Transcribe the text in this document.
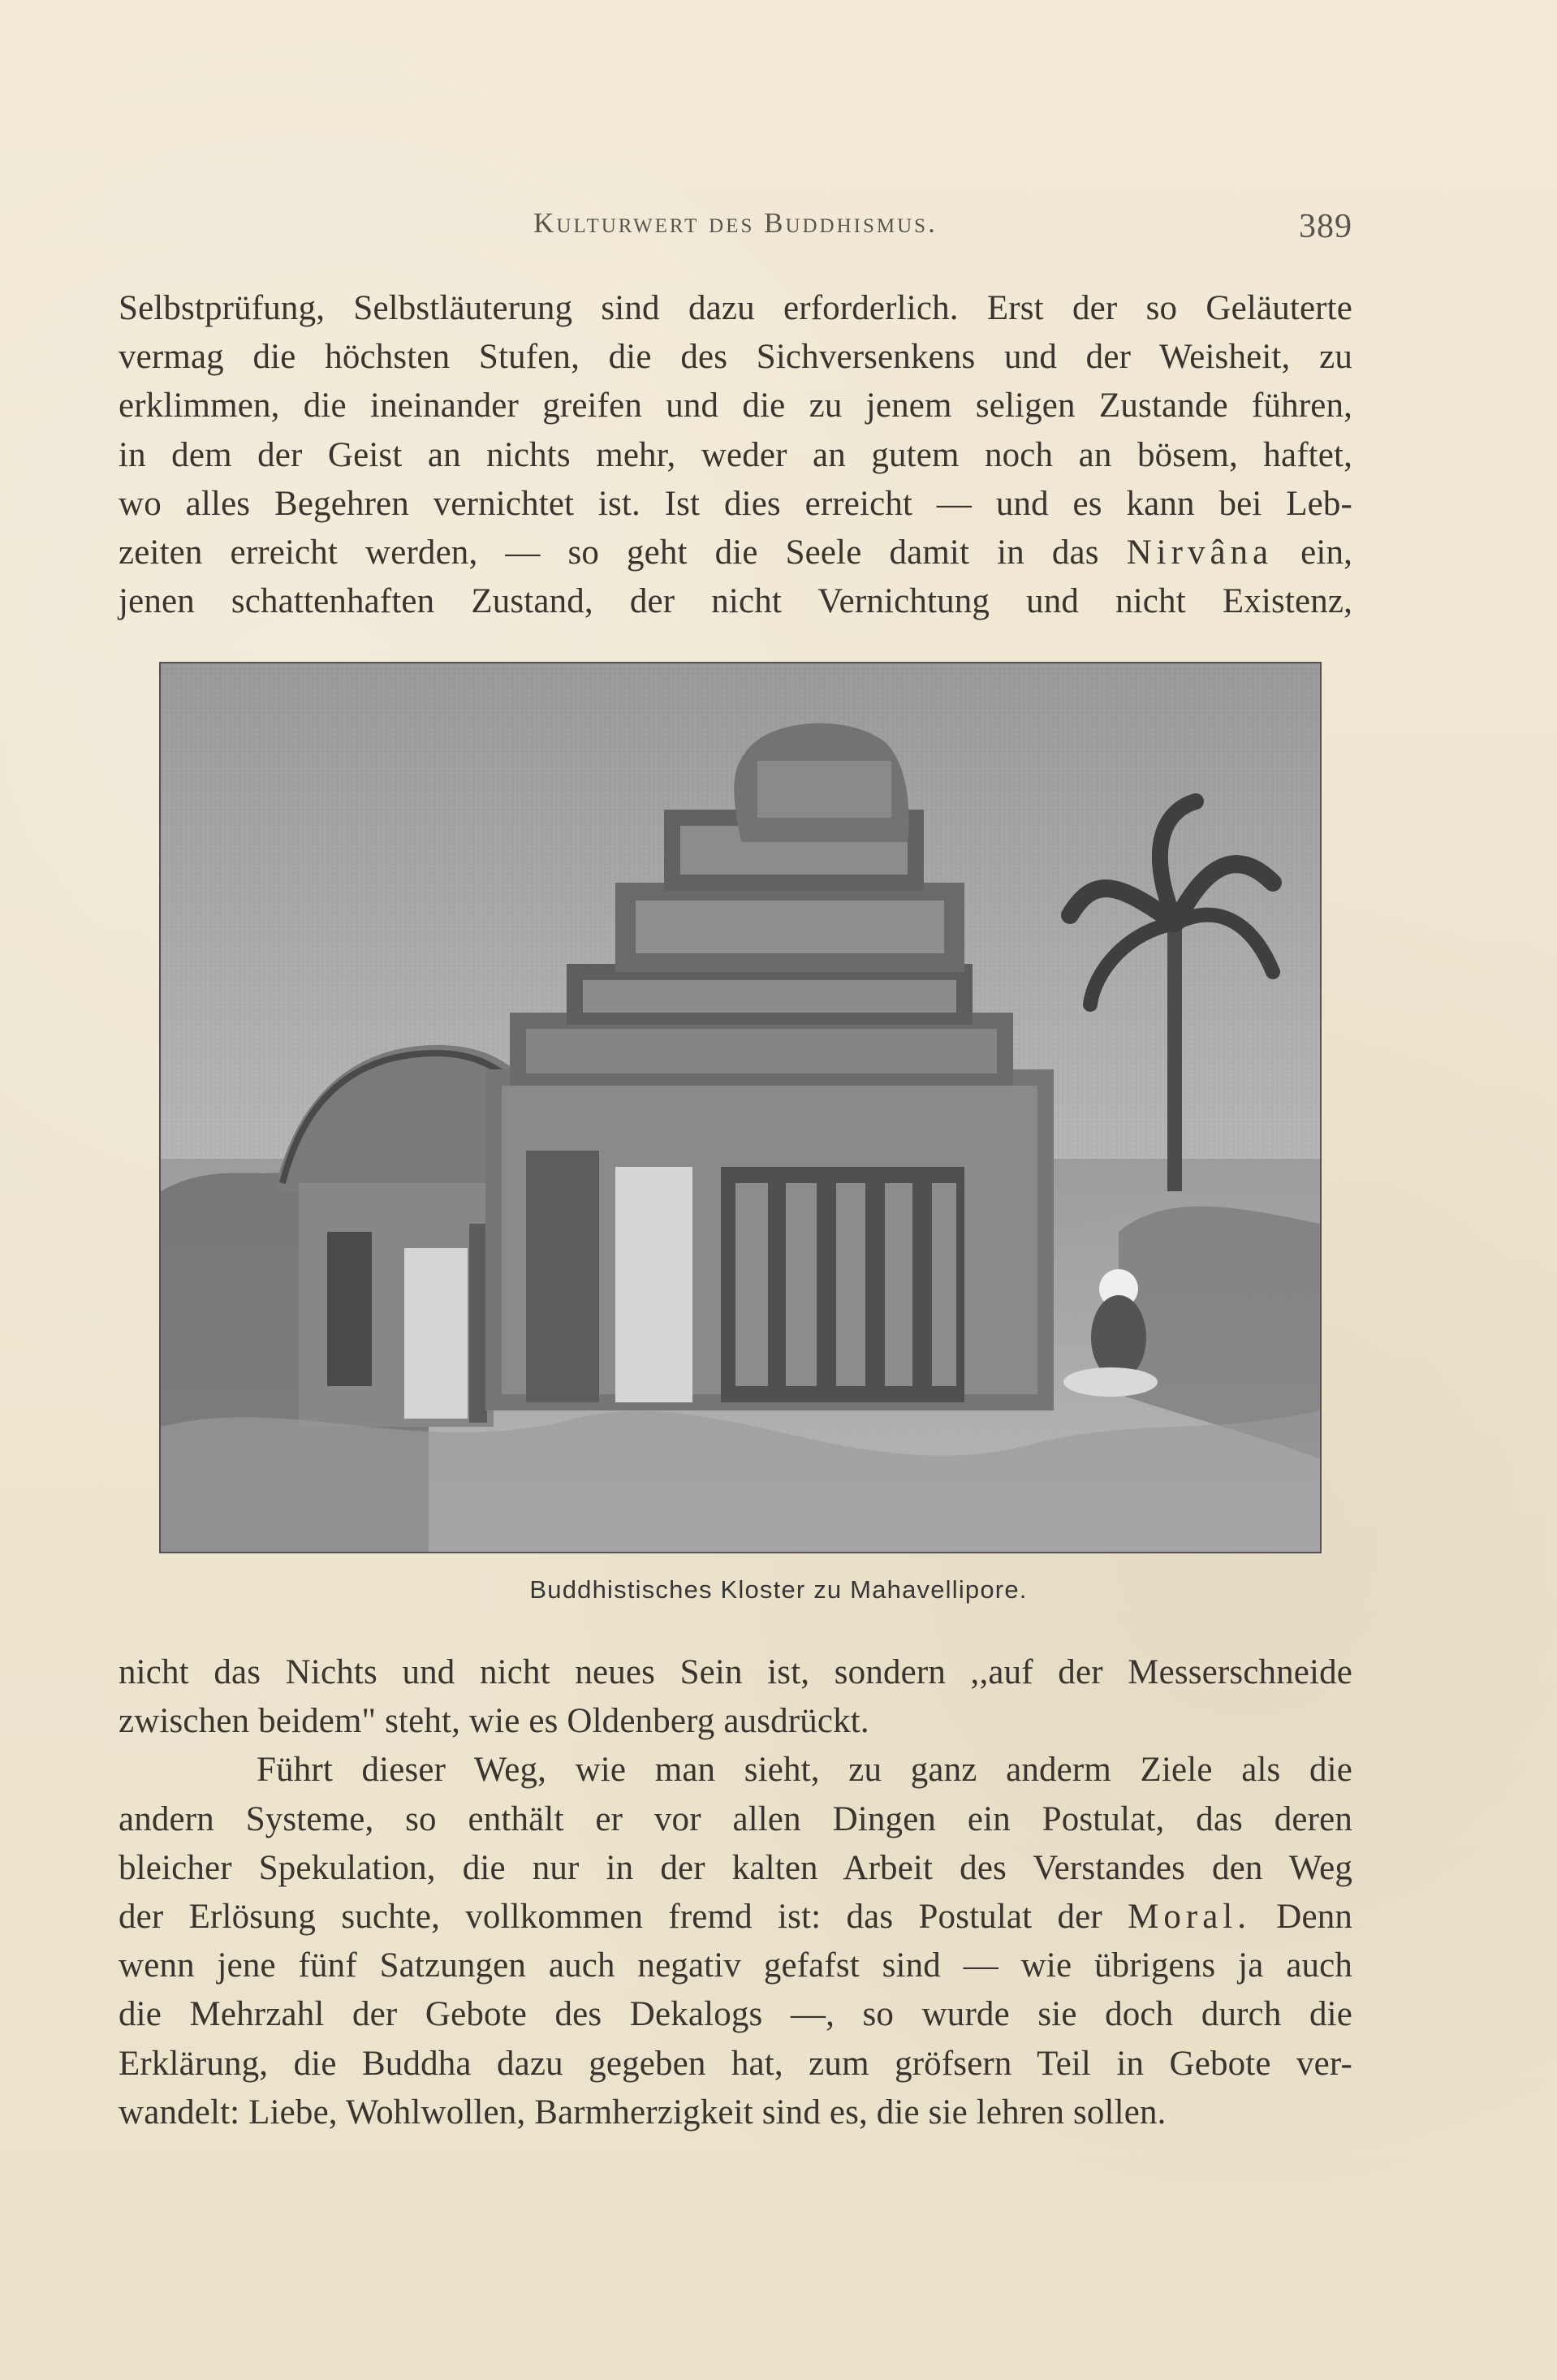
Kulturwert des Buddhismus.	389
Selbstprüfung, Selbstläuterung sind dazu erforderlich. Erst der so Geläuterte
vermag die höchsten Stufen, die des Sichversenkens und der Weisheit, zu
erklimmen, die ineinander greifen und die zu jenem seligen Zustande führen,
in dem der Geist an nichts mehr, weder an gutem noch an bösem, haftet,
wo alles Begehren vernichtet ist. Ist dies erreicht — und es kann bei Leb-
zeiten erreicht werden, — so geht die Seele damit in das Nirvâna ein,
jenen schattenhaften Zustand, der nicht Vernichtung und nicht Existenz,
Buddhistisches Kloster zu Mahavellipore.
nicht das Nichts und nicht neues Sein ist, sondern ,,auf der Messerschneide
zwischen beidem" steht, wie es Oldenberg ausdrückt.
Führt dieser Weg, wie man sieht, zu ganz anderm Ziele als die
andern Systeme, so enthält er vor allen Dingen ein Postulat, das deren
bleicher Spekulation, die nur in der kalten Arbeit des Verstandes den Weg
der Erlösung suchte, vollkommen fremd ist: das Postulat der Moral. Denn
wenn jene fünf Satzungen auch negativ gefafst sind — wie übrigens ja auch
die Mehrzahl der Gebote des Dekalogs —, so wurde sie doch durch die
Erklärung, die Buddha dazu gegeben hat, zum gröfsern Teil in Gebote ver-
wandelt: Liebe, Wohlwollen, Barmherzigkeit sind es, die sie lehren sollen.
